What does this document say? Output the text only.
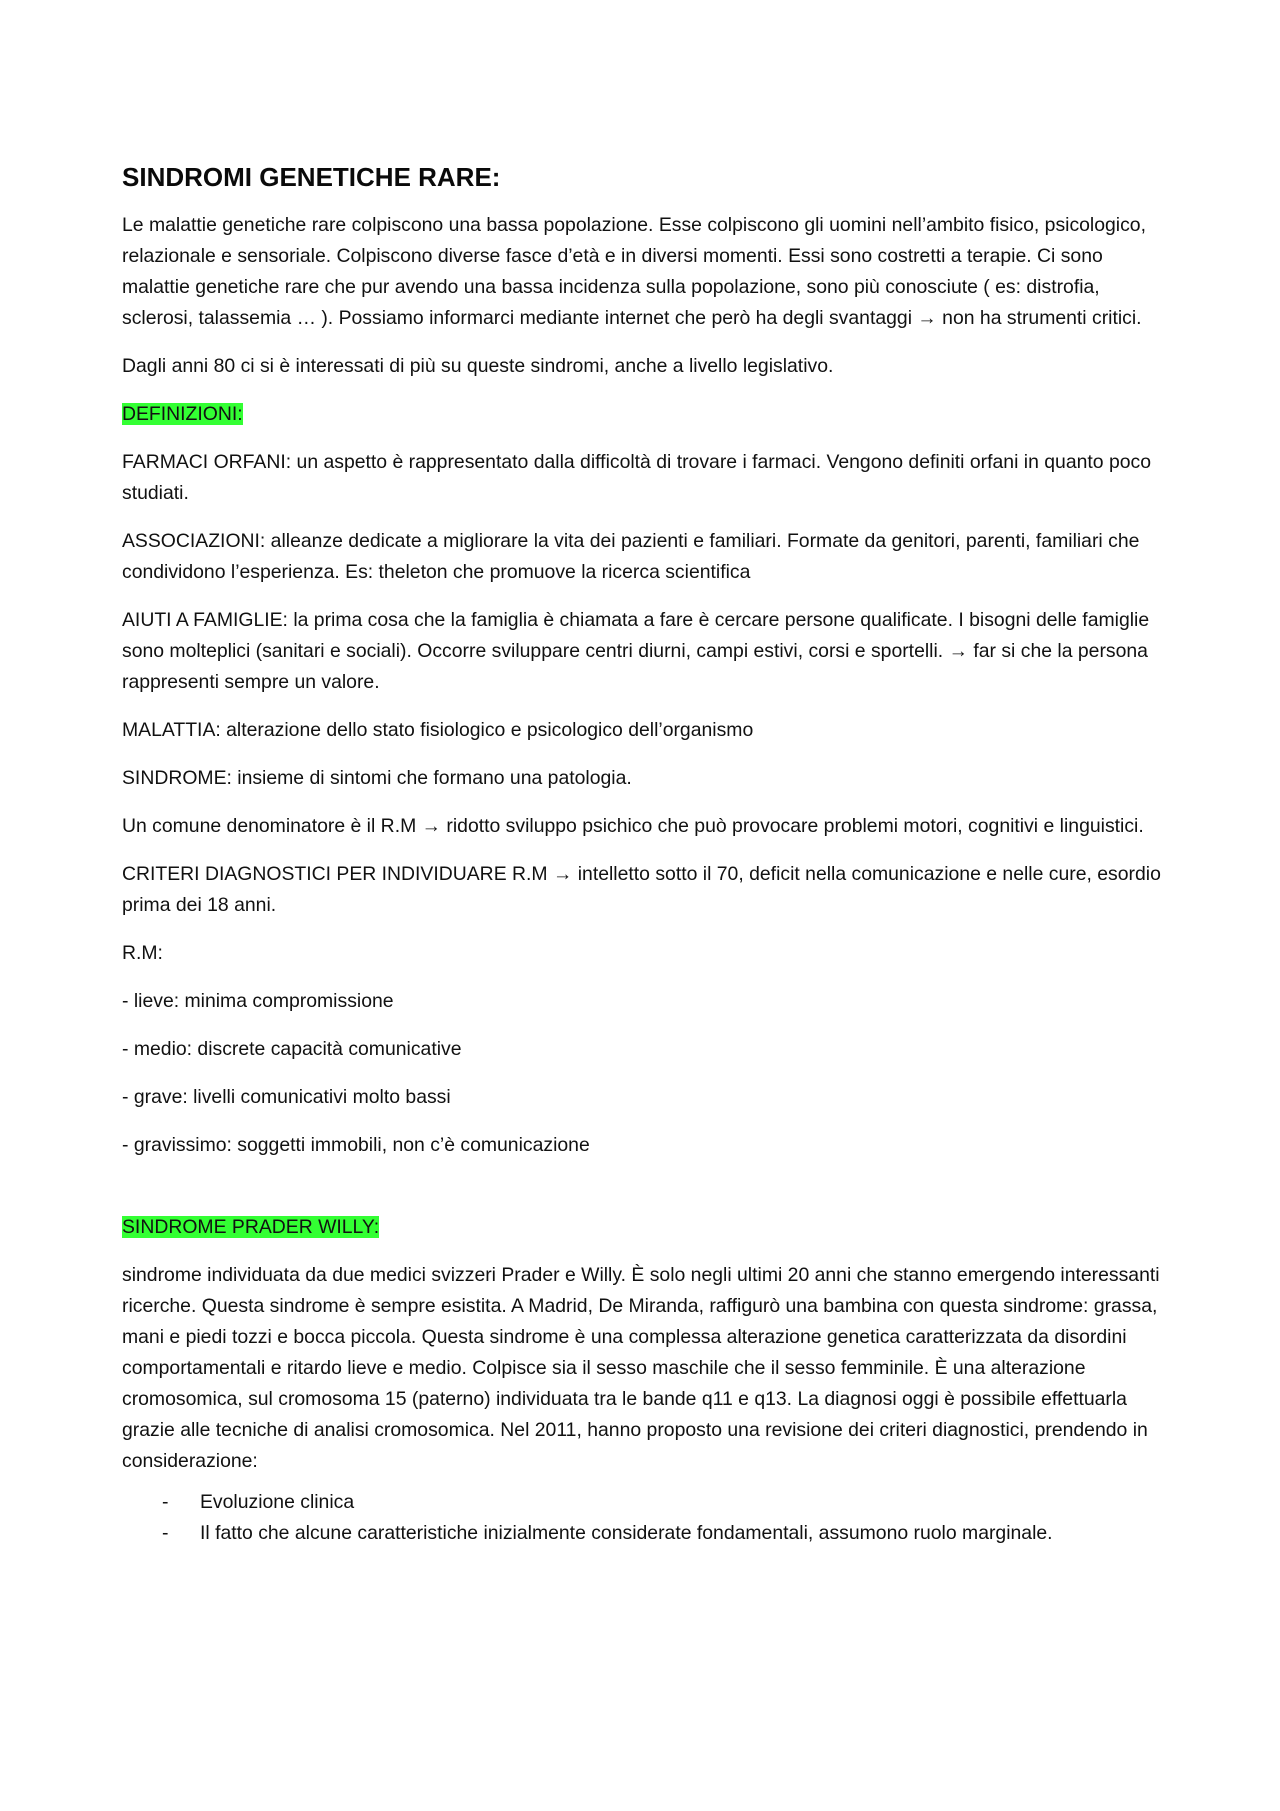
SINDROMI GENETICHE RARE:

Le malattie genetiche rare colpiscono una bassa popolazione. Esse colpiscono gli uomini nell’ambito fisico, psicologico, relazionale e sensoriale. Colpiscono diverse fasce d’età e in diversi momenti. Essi sono costretti a terapie. Ci sono malattie genetiche rare che pur avendo una bassa incidenza sulla popolazione, sono più conosciute ( es: distrofia, sclerosi, talassemia … ). Possiamo informarci mediante internet che però ha degli svantaggi → non ha strumenti critici.

Dagli anni 80 ci si è interessati di più su queste sindromi, anche a livello legislativo.

DEFINIZIONI:

FARMACI ORFANI: un aspetto è rappresentato dalla difficoltà di trovare i farmaci. Vengono definiti orfani in quanto poco studiati.

ASSOCIAZIONI: alleanze dedicate a migliorare la vita dei pazienti e familiari. Formate da genitori, parenti, familiari che condividono l’esperienza. Es: theleton che promuove la ricerca scientifica

AIUTI A FAMIGLIE: la prima cosa che la famiglia è chiamata a fare è cercare persone qualificate. I bisogni delle famiglie sono molteplici (sanitari e sociali). Occorre sviluppare centri diurni, campi estivi, corsi e sportelli. → far si che la persona rappresenti sempre un valore.

MALATTIA: alterazione dello stato fisiologico e psicologico dell’organismo

SINDROME: insieme di sintomi che formano una patologia.

Un comune denominatore è il R.M → ridotto sviluppo psichico che può provocare problemi motori, cognitivi e linguistici.

CRITERI DIAGNOSTICI PER INDIVIDUARE R.M → intelletto sotto il 70, deficit nella comunicazione e nelle cure, esordio prima dei 18 anni.

R.M:

- lieve: minima compromissione

- medio: discrete capacità comunicative

- grave: livelli comunicativi molto bassi

- gravissimo: soggetti immobili, non c’è comunicazione

SINDROME PRADER WILLY:

sindrome individuata da due medici svizzeri Prader e Willy. È solo negli ultimi 20 anni che stanno emergendo interessanti ricerche. Questa sindrome è sempre esistita. A Madrid, De Miranda, raffigurò una bambina con questa sindrome: grassa, mani e piedi tozzi e bocca piccola. Questa sindrome è una complessa alterazione genetica caratterizzata da disordini comportamentali e ritardo lieve e medio. Colpisce sia il sesso maschile che il sesso femminile. È una alterazione cromosomica, sul cromosoma 15 (paterno) individuata tra le bande q11 e q13. La diagnosi oggi è possibile effettuarla grazie alle tecniche di analisi cromosomica. Nel 2011, hanno proposto una revisione dei criteri diagnostici, prendendo in considerazione:

- Evoluzione clinica
- Il fatto che alcune caratteristiche inizialmente considerate fondamentali, assumono ruolo marginale.
